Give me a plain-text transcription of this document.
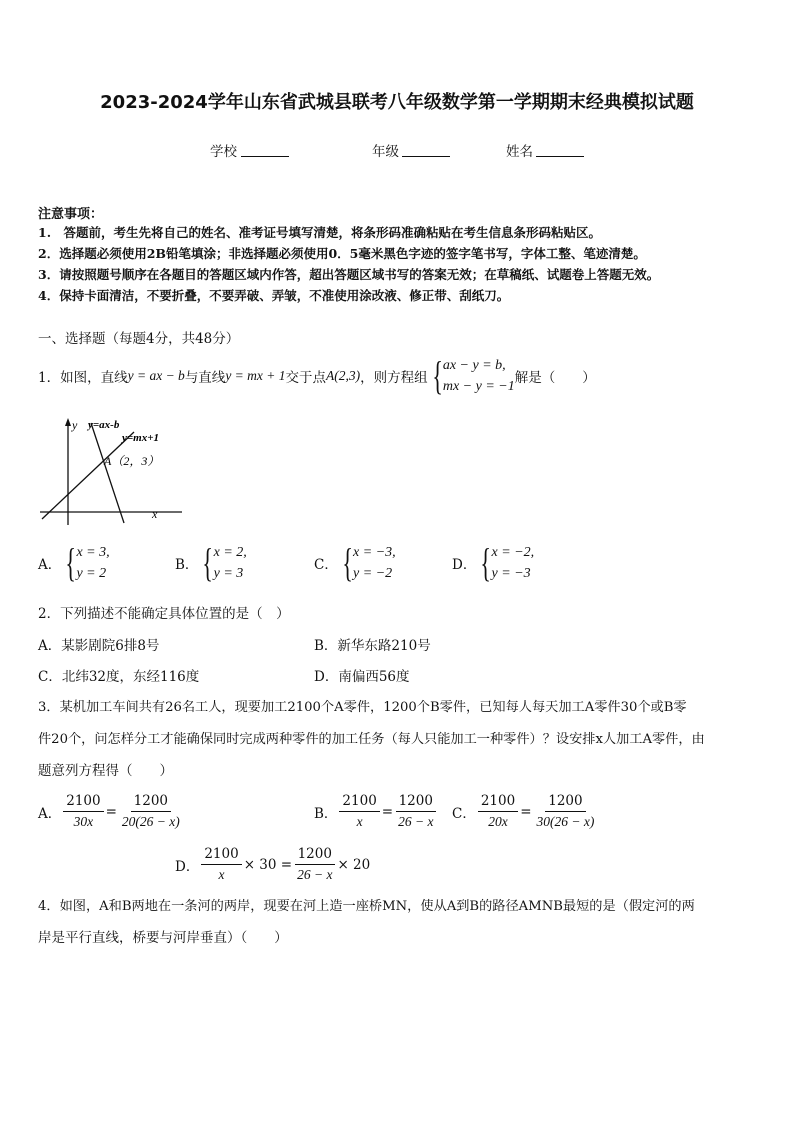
2023-2024学年山东省武城县联考八年级数学第一学期期末经典模拟试题
学校	年级	姓名
注意事项：
1.　答题前，考生先将自己的姓名、准考证号填写清楚，将条形码准确粘贴在考生信息条形码粘贴区。
2．选择题必须使用2B铅笔填涂；非选择题必须使用0．5毫米黑色字迹的签字笔书写，字体工整、笔迹清楚。
3．请按照题号顺序在各题目的答题区域内作答，超出答题区域书写的答案无效；在草稿纸、试题卷上答题无效。
4．保持卡面清洁，不要折叠，不要弄破、弄皱，不准使用涂改液、修正带、刮纸刀。
一、选择题（每题4分，共48分）
1．如图，直线 y = ax − b 与直线 y = mx + 1 交于点 A(2,3) ，则方程组 { ax − y = b,
mx − y = −1
解是（　　）
y
x
y=ax-b
y=mx+1
A（2，3）
A． { x = 3,
y = 2
B． { x = 2,
y = 3
C． { x = −3,
y = −2
D． { x = −2,
y = −3
2．下列描述不能确定具体位置的是（　）
A．某影剧院6排8号	B．新华东路210号
C．北纬32度，东经116度	D．南偏西56度
3．某机加工车间共有26名工人，现要加工2100个A零件，1200个B零件，已知每人每天加工A零件30个或B零
件20个，问怎样分工才能确保同时完成两种零件的加工任务（每人只能加工一种零件）？设安排x人加工A零件，由
题意列方程得（　　）
A． $\frac{2100}{30x} = \frac{1200}{20(26 - x)}$	B． $\frac{2100}{x} = \frac{1200}{26 - x}$ C． $\frac{2100}{20x} = \frac{1200}{30(26 - x)}$
D． $\frac{2100}{x} \times 30 = \frac{1200}{26 - x} \times 20$
4．如图，A和B两地在一条河的两岸，现要在河上造一座桥MN，使从A到B的路径AMNB最短的是（假定河的两
岸是平行直线，桥要与河岸垂直）（　　）
